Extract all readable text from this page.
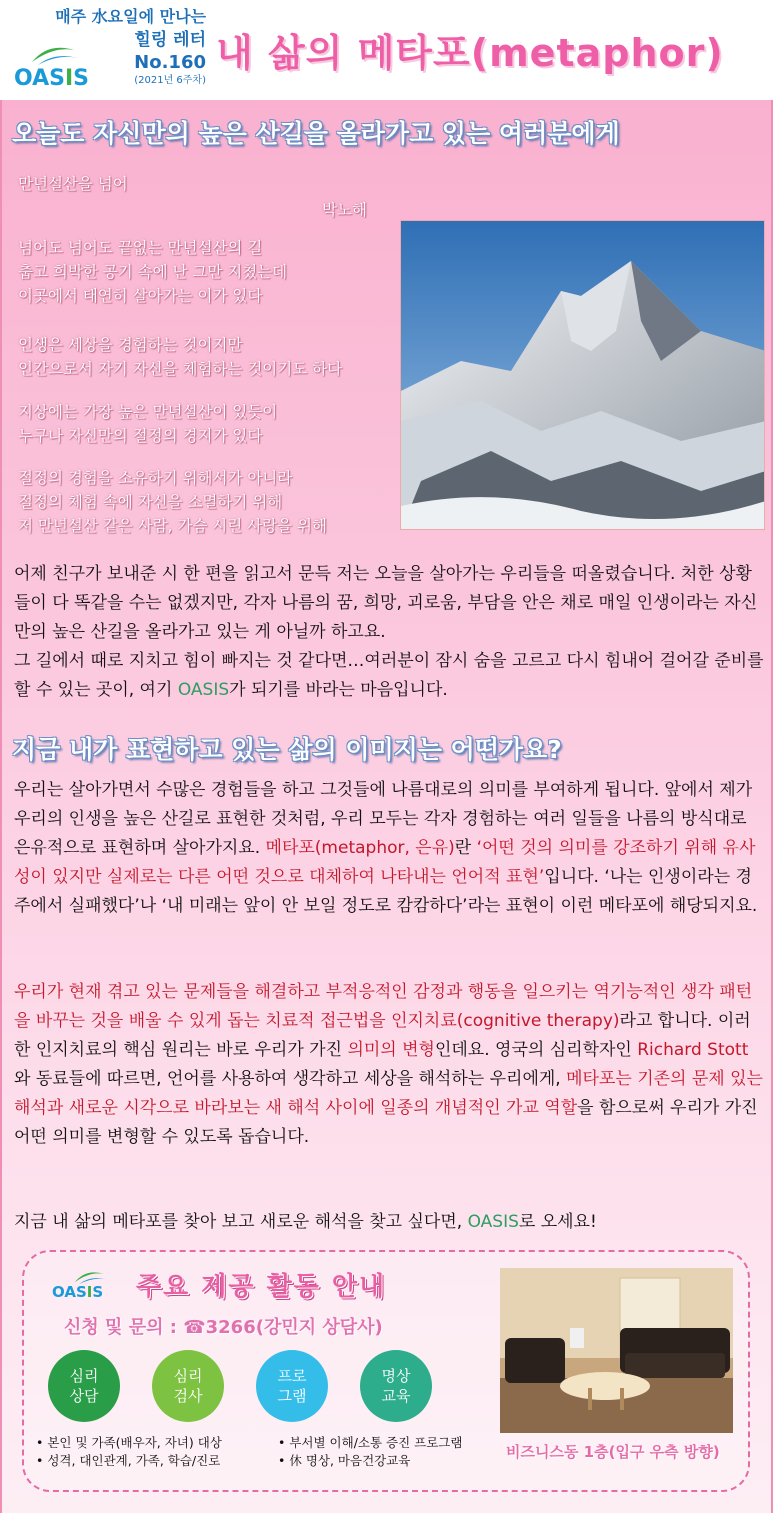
매주 水요일에 만나는
힐링 레터
No.160
(2021년 6주차)
OASIS
내 삶의 메타포(metaphor)
오늘도 자신만의 높은 산길을 올라가고 있는 여러분에게
만년설산을 넘어
박노해
넘어도 넘어도 끝없는 만년설산의 길
춥고 희박한 공기 속에 난 그만 지쳤는데
이곳에서 태연히 살아가는 이가 있다
인생은 세상을 경험하는 것이지만
인간으로서 자기 자신을 체험하는 것이기도 하다
지상에는 가장 높은 만년설산이 있듯이
누구나 자신만의 절정의 경지가 있다
절정의 경험을 소유하기 위해서가 아니라
절정의 체험 속에 자신을 소멸하기 위해
저 만년설산 같은 사람, 가슴 시린 사랑을 위해
어제 친구가 보내준 시 한 편을 읽고서 문득 저는 오늘을 살아가는 우리들을 떠올렸습니다. 처한 상황들이 다 똑같을 수는 없겠지만, 각자 나름의 꿈, 희망, 괴로움, 부담을 안은 채로 매일 인생이라는 자신만의 높은 산길을 올라가고 있는 게 아닐까 하고요.
그 길에서 때로 지치고 힘이 빠지는 것 같다면…여러분이 잠시 숨을 고르고 다시 힘내어 걸어갈 준비를 할 수 있는 곳이, 여기 OASIS가 되기를 바라는 마음입니다.
지금 내가 표현하고 있는 삶의 이미지는 어떤가요?
우리는 살아가면서 수많은 경험들을 하고 그것들에 나름대로의 의미를 부여하게 됩니다. 앞에서 제가 우리의 인생을 높은 산길로 표현한 것처럼, 우리 모두는 각자 경험하는 여러 일들을 나름의 방식대로 은유적으로 표현하며 살아가지요. 메타포(metaphor, 은유)란 ‘어떤 것의 의미를 강조하기 위해 유사성이 있지만 실제로는 다른 어떤 것으로 대체하여 나타내는 언어적 표현’입니다. ‘나는 인생이라는 경주에서 실패했다’나 ‘내 미래는 앞이 안 보일 정도로 캄캄하다’라는 표현이 이런 메타포에 해당되지요.
우리가 현재 겪고 있는 문제들을 해결하고 부적응적인 감정과 행동을 일으키는 역기능적인 생각 패턴을 바꾸는 것을 배울 수 있게 돕는 치료적 접근법을 인지치료(cognitive therapy)라고 합니다. 이러한 인지치료의 핵심 원리는 바로 우리가 가진 의미의 변형인데요. 영국의 심리학자인 Richard Stott와 동료들에 따르면, 언어를 사용하여 생각하고 세상을 해석하는 우리에게, 메타포는 기존의 문제 있는 해석과 새로운 시각으로 바라보는 새 해석 사이에 일종의 개념적인 가교 역할을 함으로써 우리가 가진 어떤 의미를 변형할 수 있도록 돕습니다.
지금 내 삶의 메타포를 찾아 보고 새로운 해석을 찾고 싶다면, OASIS로 오세요!
OASIS 주요 제공 활동 안내
신청 및 문의 : ☎3266(강민지 상담사)
심리
상담
심리
검사
프로
그램
명상
교육
• 본인 및 가족(배우자, 자녀) 대상
• 성격, 대인관계, 가족, 학습/진로
• 부서별 이해/소통 증진 프로그램
• 休 명상, 마음건강교육	비즈니스동 1층(입구 우측 방향)
